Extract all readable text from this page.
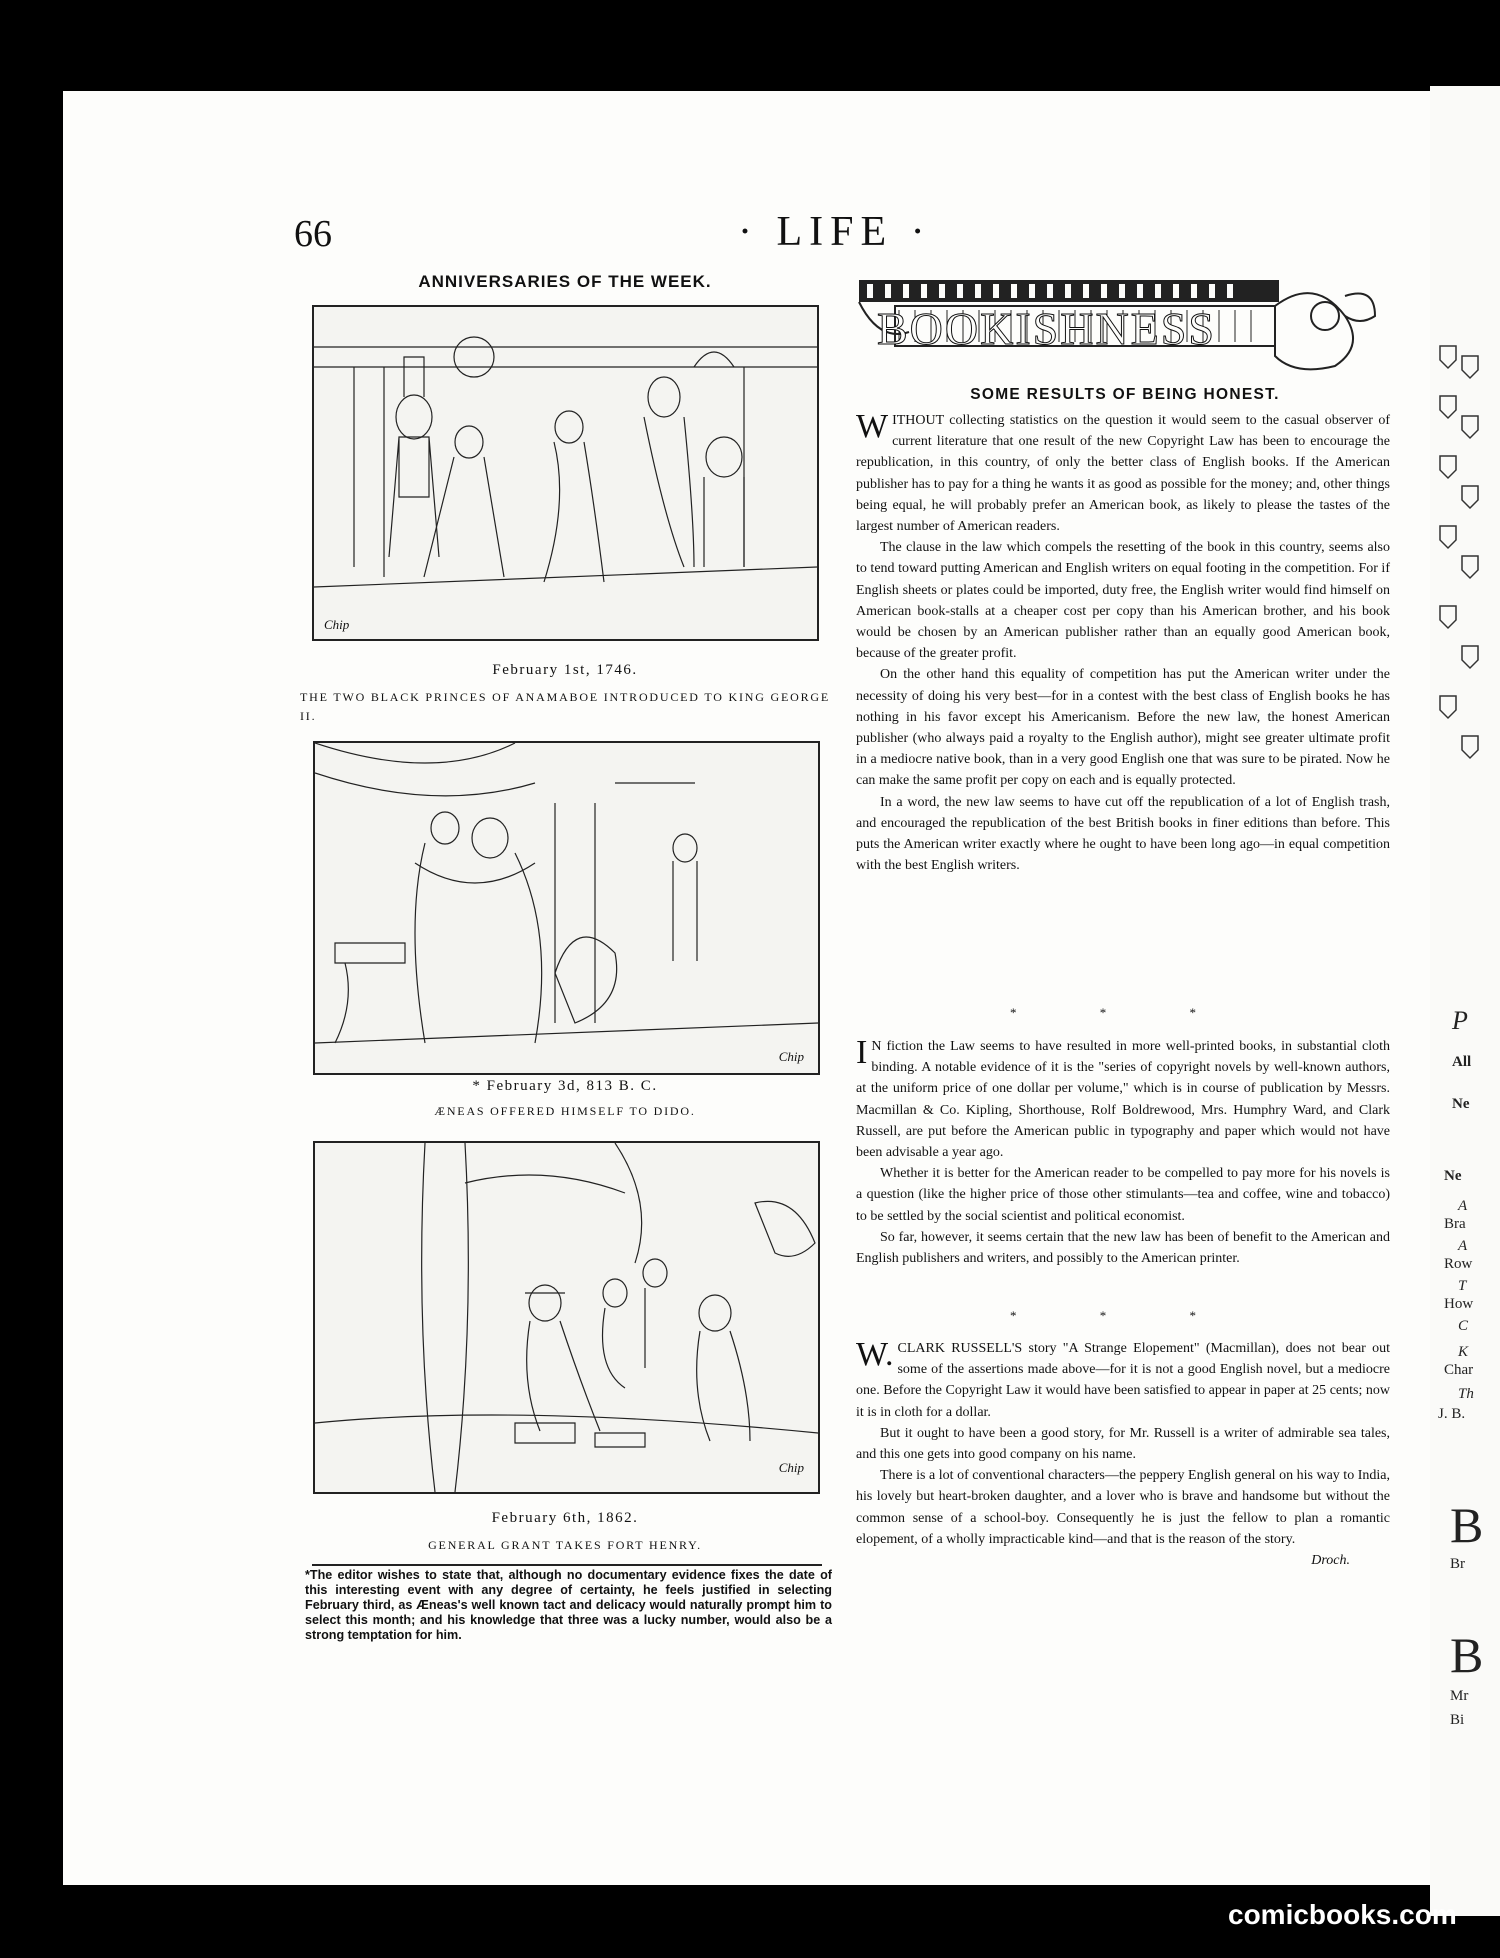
P
All
Ne
Ne
A
Bra
A
Row
T
How
C
K
Char
Th
J. B.
B
Br
B
Mr
Bi
66	· LIFE ·
ANNIVERSARIES OF THE WEEK.
Chip
February 1st, 1746.
THE TWO BLACK PRINCES OF ANAMABOE INTRODUCED TO KING GEORGE II.
Chip
* February 3d, 813 B. C.
ÆNEAS OFFERED HIMSELF TO DIDO.
Chip
February 6th, 1862.
GENERAL GRANT TAKES FORT HENRY.
*The editor wishes to state that, although no documentary evidence fixes the date of this interesting event with any degree of certainty, he feels justified in selecting February third, as Æneas's well known tact and delicacy would naturally prompt him to select this month; and his knowledge that three was a lucky number, would also be a strong temptation for him.
BOOKISHNESS
SOME RESULTS OF BEING HONEST.

WITHOUT collecting statistics on the question it would seem to the casual observer of current literature that one result of the new Copyright Law has been to encourage the republication, in this country, of only the better class of English books. If the American publisher has to pay for a thing he wants it as good as possible for the money; and, other things being equal, he will probably prefer an American book, as likely to please the tastes of the largest number of American readers.

The clause in the law which compels the resetting of the book in this country, seems also to tend toward putting American and English writers on equal footing in the competition. For if English sheets or plates could be imported, duty free, the English writer would find himself on American book-stalls at a cheaper cost per copy than his American brother, and his book would be chosen by an American publisher rather than an equally good American book, because of the greater profit.

On the other hand this equality of competition has put the American writer under the necessity of doing his very best—for in a contest with the best class of English books he has nothing in his favor except his Americanism. Before the new law, the honest American publisher (who always paid a royalty to the English author), might see greater ultimate profit in a mediocre native book, than in a very good English one that was sure to be pirated. Now he can make the same profit per copy on each and is equally protected.

In a word, the new law seems to have cut off the republication of a lot of English trash, and encouraged the republication of the best British books in finer editions than before. This puts the American writer exactly where he ought to have been long ago—in equal competition with the best English writers.

* * *

I N fiction the Law seems to have resulted in more well-printed books, in substantial cloth binding. A notable evidence of it is the "series of copyright novels by well-known authors, at the uniform price of one dollar per volume," which is in course of publication by Messrs. Macmillan & Co. Kipling, Shorthouse, Rolf Boldrewood, Mrs. Humphry Ward, and Clark Russell, are put before the American public in typography and paper which would not have been advisable a year ago.

Whether it is better for the American reader to be compelled to pay more for his novels is a question (like the higher price of those other stimulants—tea and coffee, wine and tobacco) to be settled by the social scientist and political economist.

So far, however, it seems certain that the new law has been of benefit to the American and English publishers and writers, and possibly to the American printer.

* * *

W. CLARK RUSSELL'S story "A Strange Elopement" (Macmillan), does not bear out some of the assertions made above—for it is not a good English novel, but a mediocre one. Before the Copyright Law it would have been satisfied to appear in paper at 25 cents; now it is in cloth for a dollar.

But it ought to have been a good story, for Mr. Russell is a writer of admirable sea tales, and this one gets into good company on his name.

There is a lot of conventional characters—the peppery English general on his way to India, his lovely but heart-broken daughter, and a lover who is brave and handsome but without the common sense of a school-boy. Consequently he is just the fellow to plan a romantic elopement, of a wholly impracticable kind—and that is the reason of the story.

Droch.
comicbooks.com
